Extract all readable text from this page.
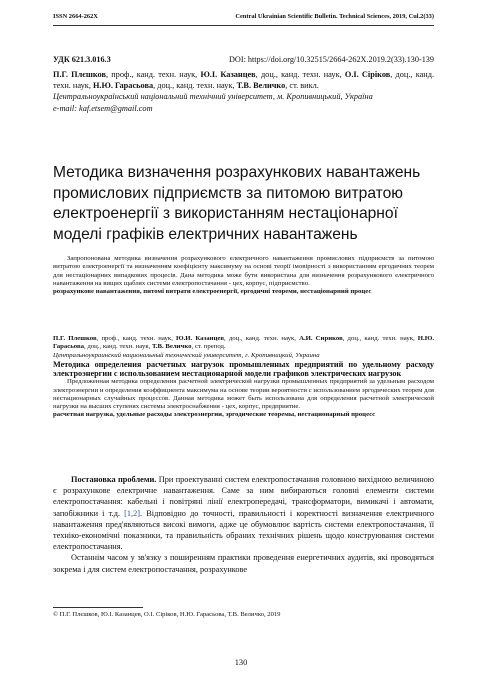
ISSN 2664-262X	Central Ukrainian Scientific Bulletin. Technical Sciences, 2019, Cul.2(33)
УДК 621.3.016.3	DOI: https://doi.org/10.32515/2664-262X.2019.2(33).130-139
П.Г. Плєшков, проф., канд. техн. наук, Ю.І. Казанцев, доц., канд. техн. наук, О.І. Сіріков, доц., канд. техн. наук, Н.Ю. Гарасьова, доц., канд. техн. наук, Т.В. Величко, ст. викл.
Центральноукраїнський національний технічний університет, м. Кропивницький, Україна
e-mail: kaf.etsem@gmail.com
Методика визначення розрахункових навантажень промислових підприємств за питомою витратою електроенергії з використанням нестаціонарної моделі графіків електричних навантажень

Запропонована методика визначення розрахункового електричного навантаження промислових підприємств за питомою витратою електроенергії та визначенням коефіцієнту максимуму на основі теорії імовірності з використанням ергодичних теорем для нестаціонарних випадкових процесів. Дана методика може бути використана для визначення розрахункового електричного навантаження на вищих щаблях системи електропостачання - цех, корпус, підприємство.

розрахункове навантаження, питомі витрати електроенергії, ергодичні теореми, нестаціонарний процес

П.Г. Плешков, проф., канд. техн. наук, Ю.И. Казанцев, доц., канд. техн. наук, А.И. Сириков, доц., канд. техн. наук, Н.Ю. Гарасьова, доц., канд. техн. наук, Т.В. Величко, ст. препод.

Центральноукраинский национальный технический университет, г. Кропивницкий, Украина

Методика определения расчетных нагрузок промышленных предприятий по удельному расходу электроэнергии с использованием нестационарной модели графиков электрических нагрузок

Предложенная методика определения расчетной электрической нагрузки промышленных предприятий за удельным расходом электроэнергии и определения коэффициента максимума на основе теории вероятности с использованием эргодических теорем для нестационарных случайных процессов. Данная методика может быть использована для определения расчетной электрической нагрузки на высших ступенях системы электроснабжения - цех, корпус, предприятие.

расчетная нагрузка, удельные расходы электроэнергии, эргодические теоремы, нестационарный процесс

Постановка проблеми. При проектуванні систем електропостачання головною вихідною величиною є розрахункове електричне навантаження. Саме за ним вибираються головні елементи системи електропостачання: кабельні і повітряні лінії електропередачі, трансформатори, вимикачі і автомати, запобіжники і т.д. [1,2]. Відповідно до точності, правильності і коректності визначення електричного навантаження пред'являються високі вимоги, адже це обумовлює вартість системи електропостачання, її техніко-економічні показники, та правильність обраних технічних рішень щодо конструювання системи електропостачання.

Останнім часом у зв'язку з поширенням практики проведення енергетичних аудитів, які проводяться зокрема і для систем електропостачання, розрахункове

© П.Г. Плєшков, Ю.І. Казанцев, О.І. Сіріков, Н.Ю. Гарасьова, Т.В. Величко, 2019
130
